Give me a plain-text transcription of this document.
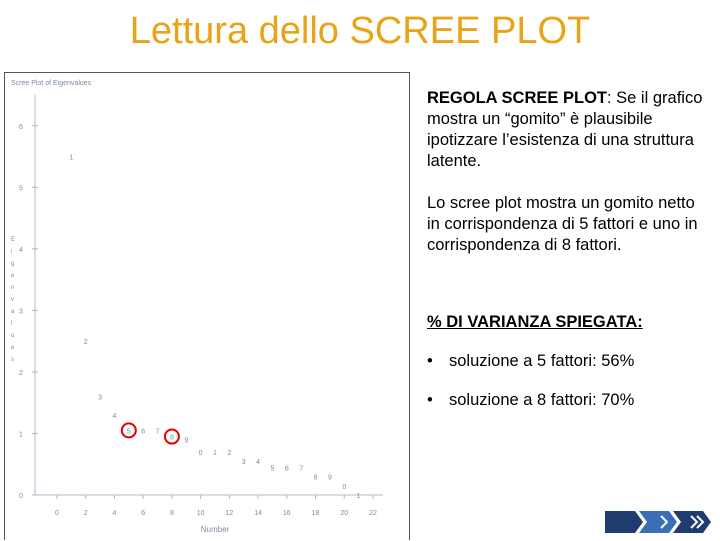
Lettura dello SCREE PLOT
Scree Plot of Eigenvalues
0
1
2
3
4
5
6
0	2	4	6	8	10	12	14	16	18	20	22
Number
E
i
g
e
n
v
a
l
u
e
s
1
2
3
4
5 6 7
8 9
0 1 2
3 4
5 6 7
8 9
0
1

REGOLA SCREE PLOT: Se il grafico mostra un “gomito” è plausibile ipotizzare l’esistenza di una struttura latente.

Lo scree plot mostra un gomito netto in corrispondenza di 5 fattori e uno in corrispondenza di 8 fattori.

% DI VARIANZA SPIEGATA:

• soluzione a 5 fattori: 56%
• soluzione a 8 fattori: 70%
